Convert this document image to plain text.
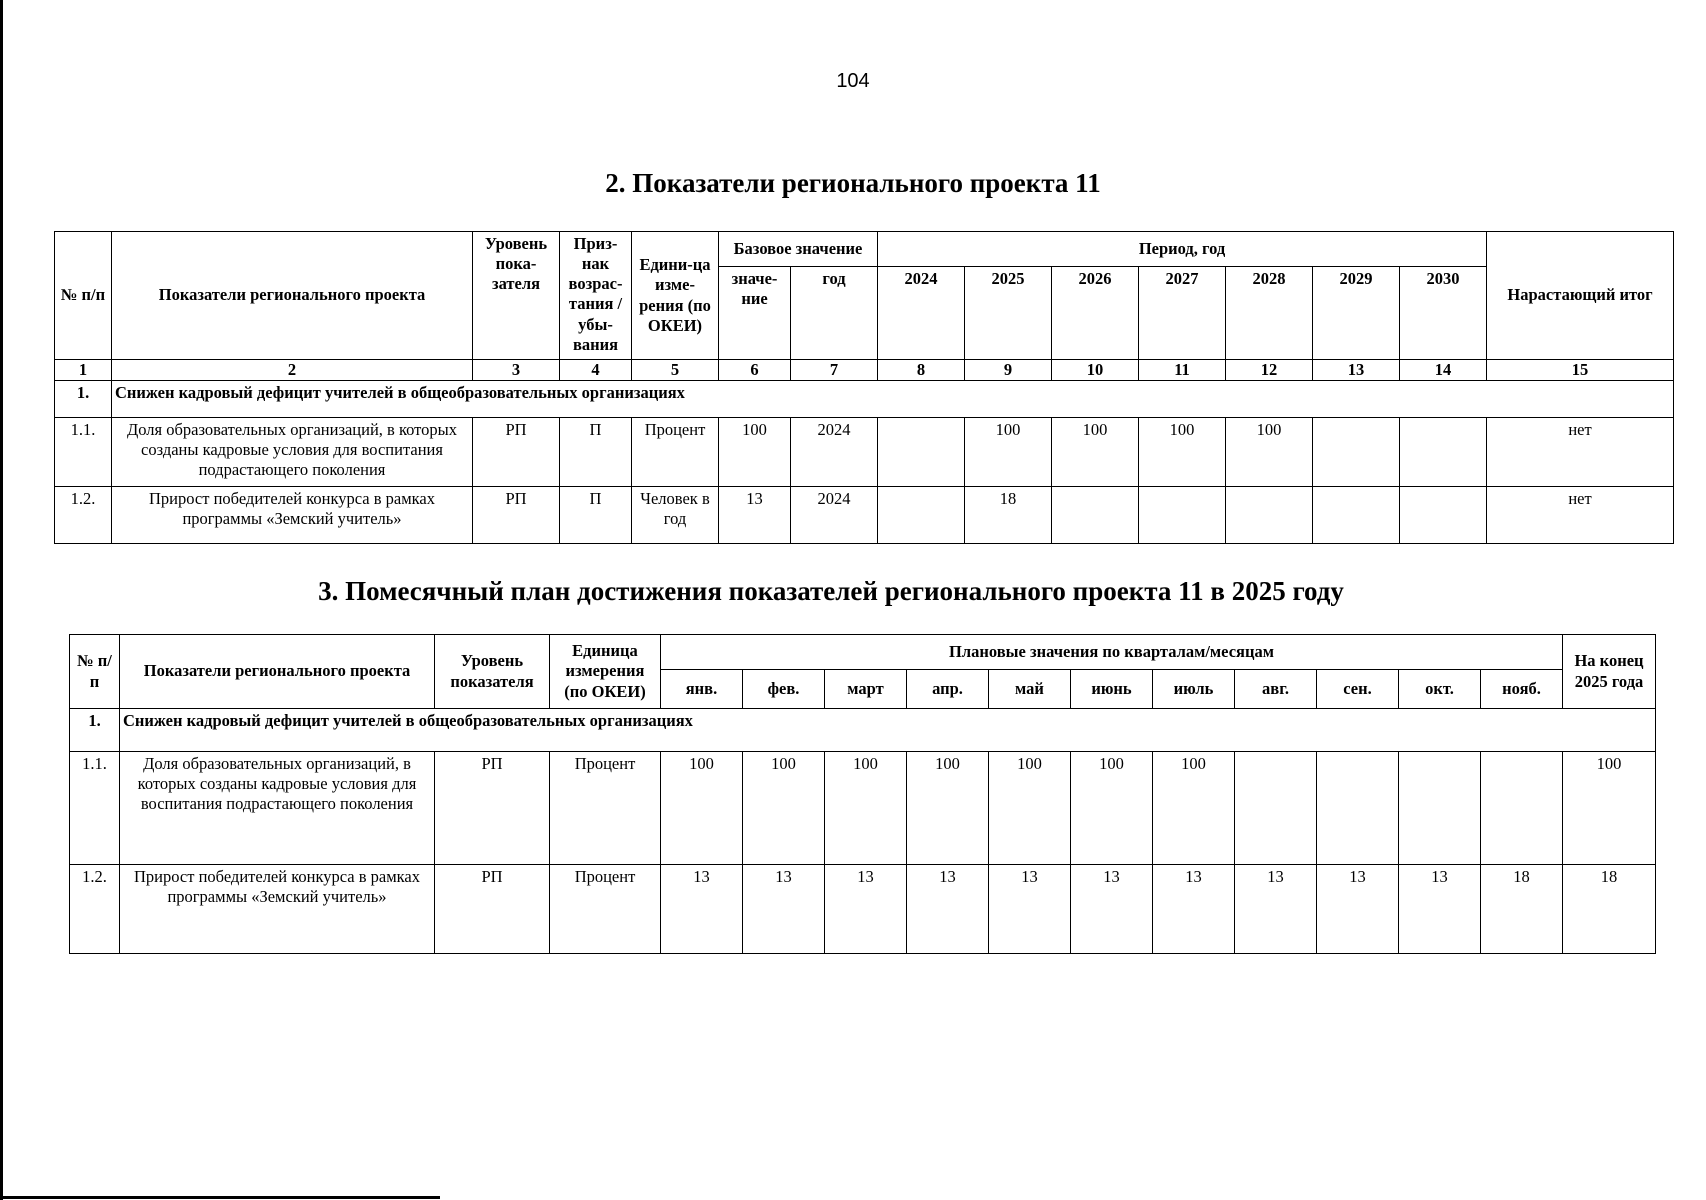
104
2. Показатели регионального проекта 11
№ п/п	Показатели регионального проекта	Уровень пока-зателя	Приз-нак возрас-тания / убы-вания	Едини-ца изме-рения (по ОКЕИ)	Базовое значение		Период, год							Нарастающий итог
					значе-ние	год	2024	2025	2026	2027	2028	2029	2030	
1	2	3	4	5	6	7	8	9	10	11	12	13	14	15
1.	Снижен кадровый дефицит учителей в общеобразовательных организациях													
1.1.	Доля образовательных организаций, в которых созданы кадровые условия для воспитания подрастающего поколения	РП	П	Процент	100	2024		100	100	100	100			нет
1.2.	Прирост победителей конкурса в рамках программы «Земский учитель»	РП	П	Человек в год	13	2024		18						нет
3. Помесячный план достижения показателей регионального проекта 11 в 2025 году
№ п/п	Показатели регионального проекта	Уровень показателя	Единица измерения (по ОКЕИ)	Плановые значения по кварталам/месяцам											На конец 2025 года
				янв.	фев.	март	апр.	май	июнь	июль	авг.	сен.	окт.	нояб.	
1.	Снижен кадровый дефицит учителей в общеобразовательных организациях														
1.1.	Доля образовательных организаций, в которых созданы кадровые условия для воспитания подрастающего поколения	РП	Процент	100	100	100	100	100	100	100					100
1.2.	Прирост победителей конкурса в рамках программы «Земский учитель»	РП	Процент	13	13	13	13	13	13	13	13	13	13	18	18
